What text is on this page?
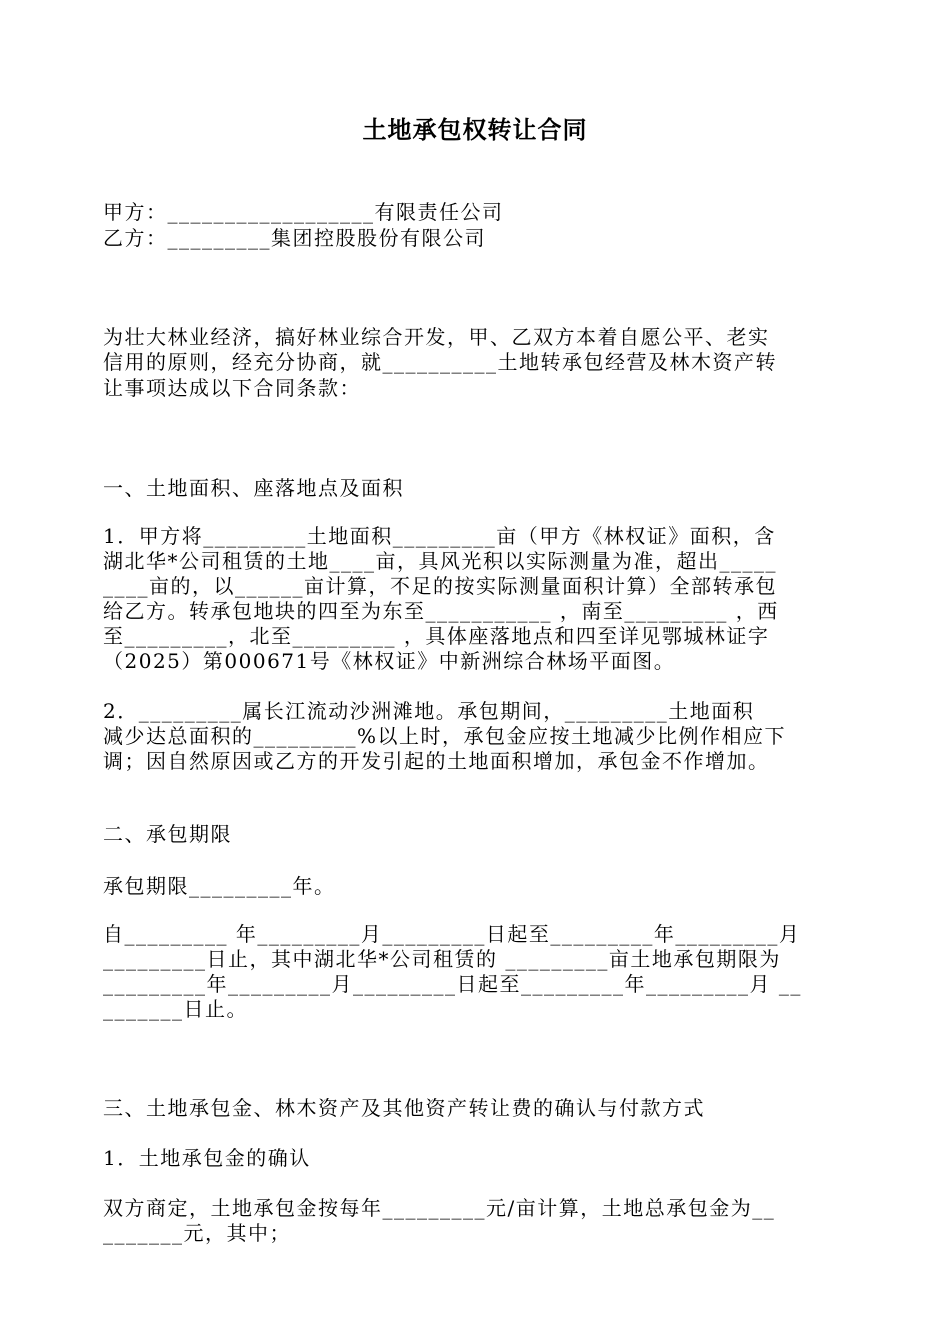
土地承包权转让合同
甲方：__________________有限责任公司
乙方：_________集团控股股份有限公司
为壮大林业经济，搞好林业综合开发，甲、乙双方本着自愿公平、老实
信用的原则，经充分协商，就__________土地转承包经营及林木资产转
让事项达成以下合同条款：
一、土地面积、座落地点及面积
1．甲方将_________土地面积_________亩（甲方《林权证》面积，含
湖北华*公司租赁的土地____亩，具风光积以实际测量为准，超出_____
____亩的，以______亩计算，不足的按实际测量面积计算）全部转承包
给乙方。转承包地块的四至为东至___________ ，南至_________ ，西
至_________，北至_________ ，具体座落地点和四至详见鄂城林证字
（2025）第000671号《林权证》中新洲综合林场平面图。
2．_________属长江流动沙洲滩地。承包期间，_________土地面积
减少达总面积的_________%以上时，承包金应按土地减少比例作相应下
调；因自然原因或乙方的开发引起的土地面积增加，承包金不作增加。
二、承包期限
承包期限_________年。
自_________ 年_________月_________日起至_________年_________月
_________日止，其中湖北华*公司租赁的 _________亩土地承包期限为
_________年_________月_________日起至_________年_________月 __
_______日止。
三、土地承包金、林木资产及其他资产转让费的确认与付款方式
1．土地承包金的确认
双方商定，土地承包金按每年_________元/亩计算，土地总承包金为__
_______元，其中；
